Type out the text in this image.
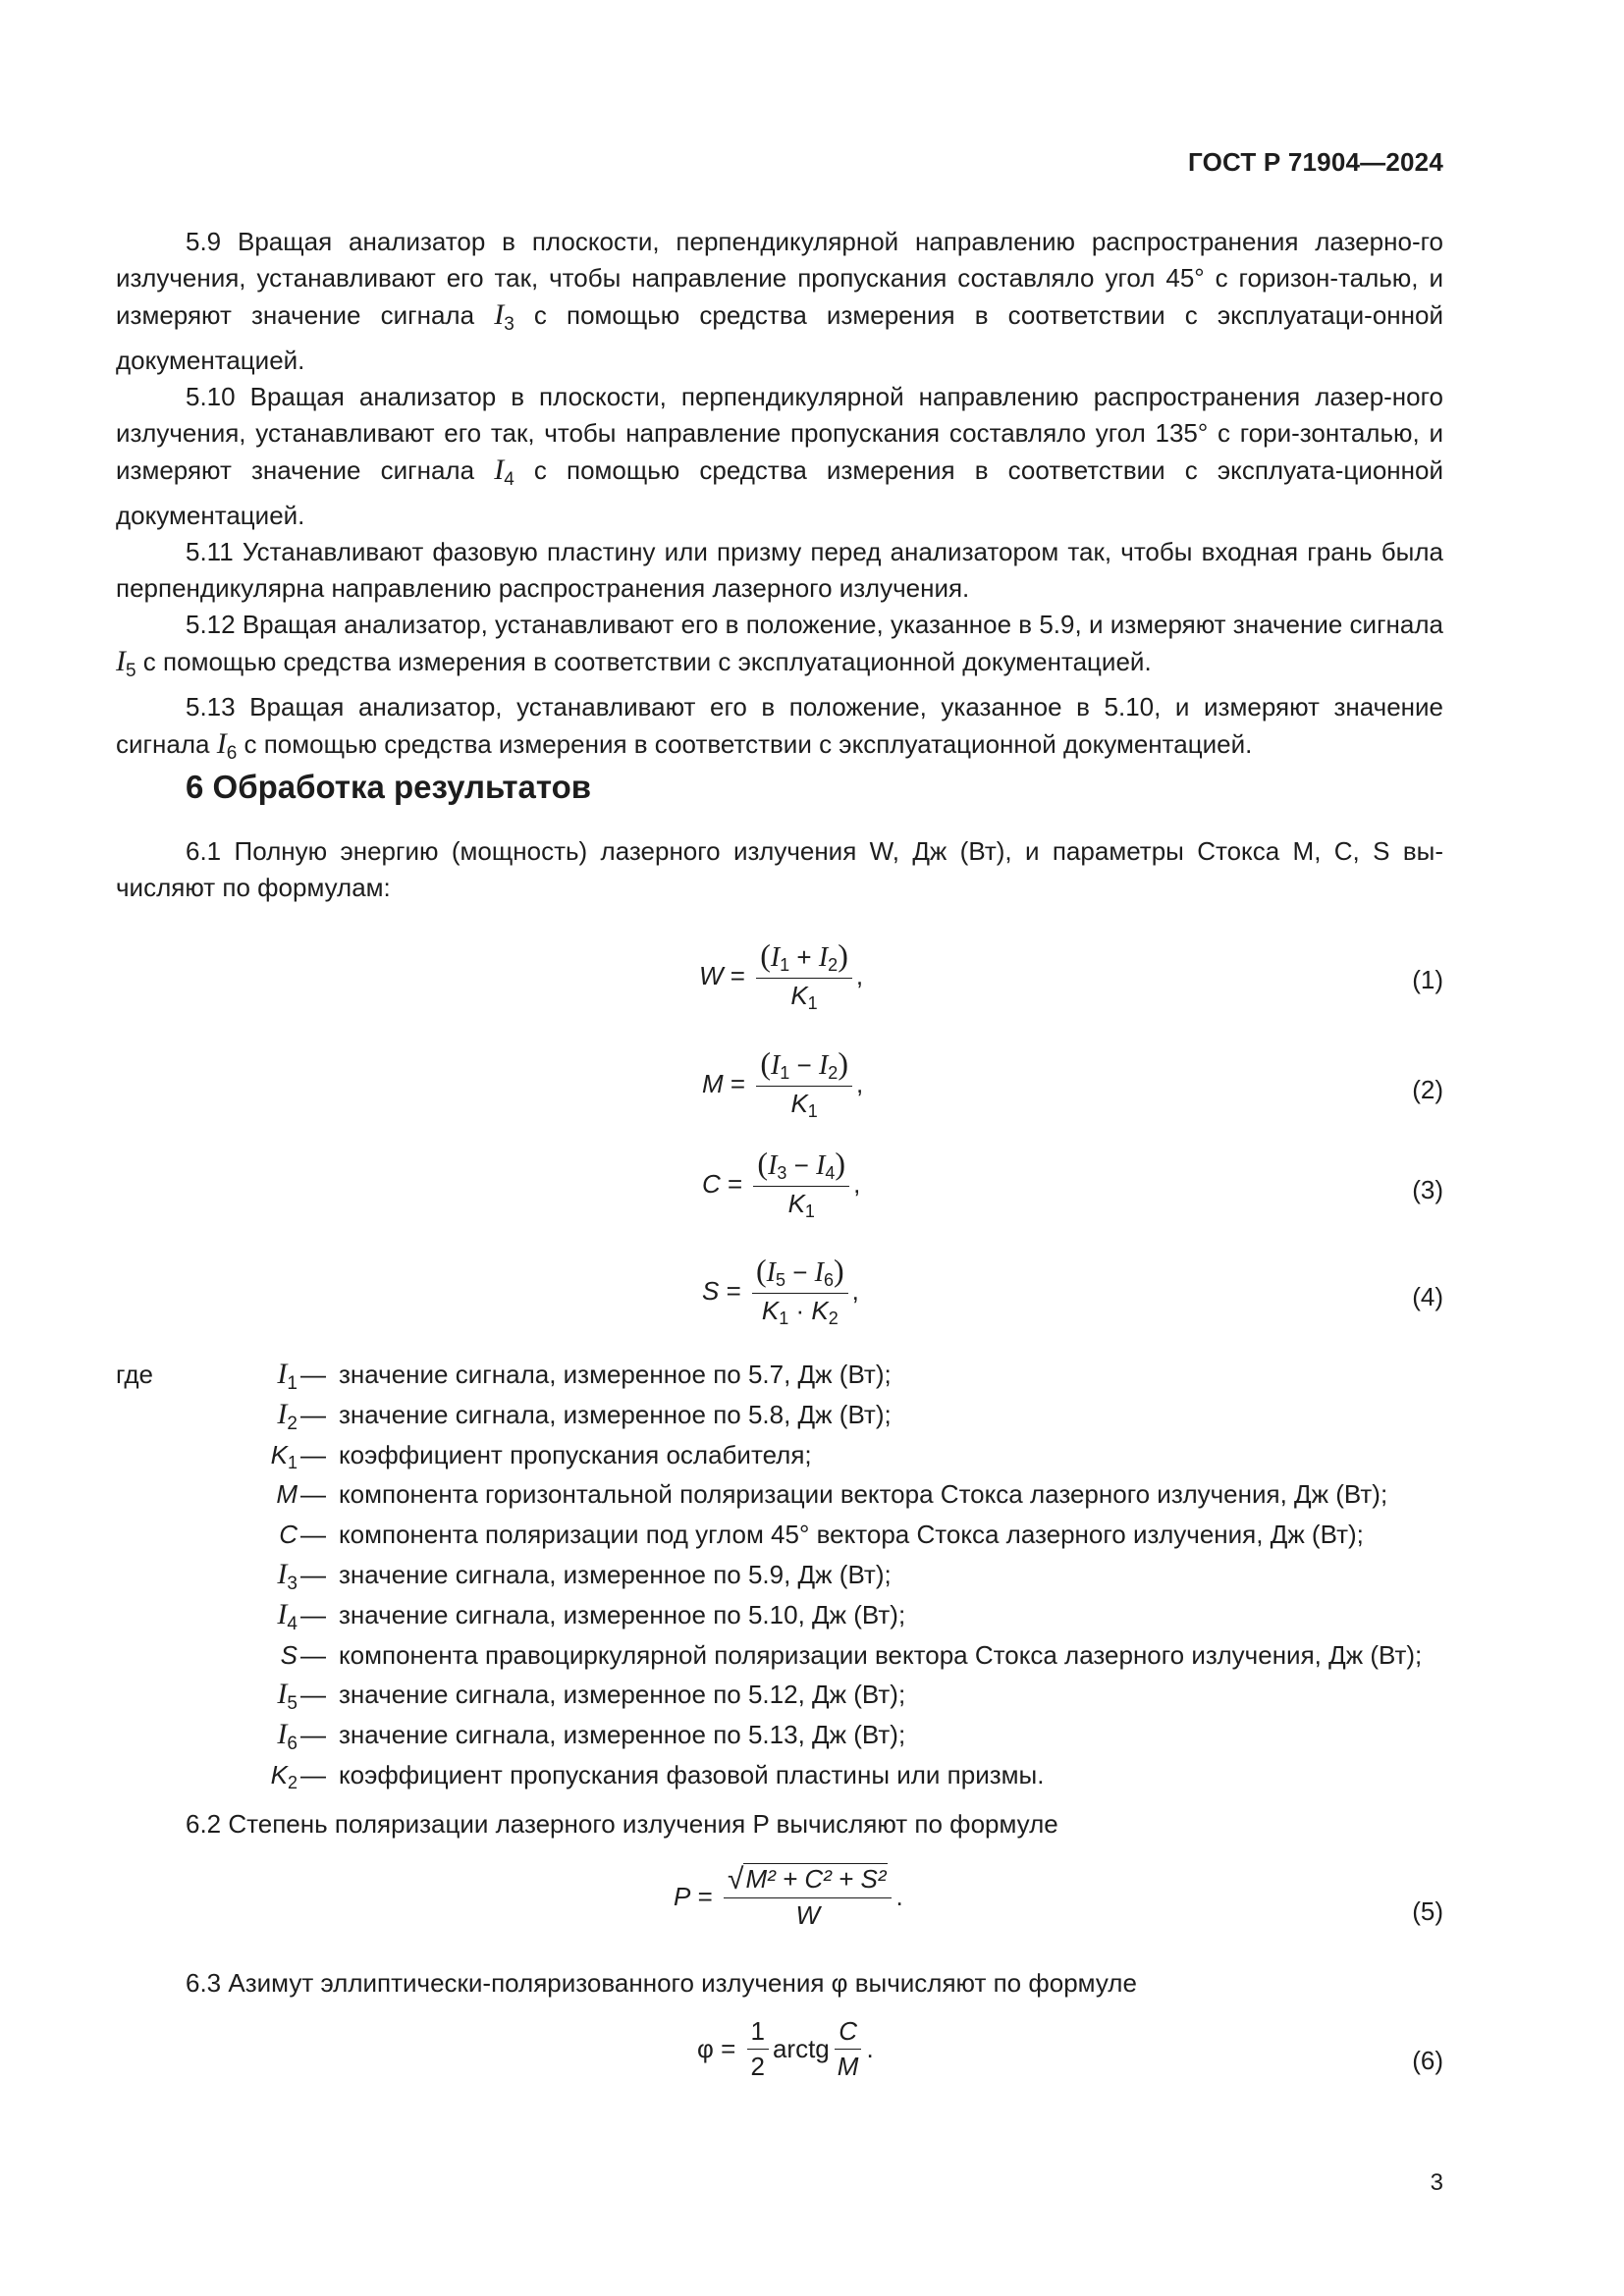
ГОСТ Р 71904—2024

5.9 Вращая анализатор в плоскости, перпендикулярной направлению распространения лазерно-го излучения, устанавливают его так, чтобы направление пропускания составляло угол 45° с горизон-талью, и измеряют значение сигнала $I_3$ с помощью средства измерения в соответствии с эксплуатаци-онной документацией.

5.10 Вращая анализатор в плоскости, перпендикулярной направлению распространения лазер-ного излучения, устанавливают его так, чтобы направление пропускания составляло угол 135° с гори-зонталью, и измеряют значение сигнала $I_4$ с помощью средства измерения в соответствии с эксплуата-ционной документацией.

5.11 Устанавливают фазовую пластину или призму перед анализатором так, чтобы входная грань была перпендикулярна направлению распространения лазерного излучения.

5.12 Вращая анализатор, устанавливают его в положение, указанное в 5.9, и измеряют значение сигнала $I_5$ с помощью средства измерения в соответствии с эксплуатационной документацией.

5.13 Вращая анализатор, устанавливают его в положение, указанное в 5.10, и измеряют значение сигнала $I_6$ с помощью средства измерения в соответствии с эксплуатационной документацией.

6 Обработка результатов

6.1 Полную энергию (мощность) лазерного излучения W, Дж (Вт), и параметры Стокса M, C, S вы-числяют по формулам:

$W = \frac{(I_1 + I_2)}{K_1}$ ,	(1)
$M = \frac{(I_1 - I_2)}{K_1}$ ,	(2)
$C = \frac{(I_3 - I_4)}{K_1}$ ,	(3)
$S = \frac{(I_5 - I_6)}{K_1 \cdot K_2}$ ,	(4)
где	$I_1$ — значение сигнала, измеренное по 5.7, Дж (Вт);
$I_2$ — значение сигнала, измеренное по 5.8, Дж (Вт);
$K_1$ — коэффициент пропускания ослабителя;
M — компонента горизонтальной поляризации вектора Стокса лазерного излучения, Дж (Вт);
C — компонента поляризации под углом 45° вектора Стокса лазерного излучения, Дж (Вт);
$I_3$ — значение сигнала, измеренное по 5.9, Дж (Вт);
$I_4$ — значение сигнала, измеренное по 5.10, Дж (Вт);
S — компонента правоциркулярной поляризации вектора Стокса лазерного излучения, Дж (Вт);
$I_5$ — значение сигнала, измеренное по 5.12, Дж (Вт);
$I_6$ — значение сигнала, измеренное по 5.13, Дж (Вт);
$K_2$ — коэффициент пропускания фазовой пластины или призмы.

6.2 Степень поляризации лазерного излучения P вычисляют по формуле

$P = \frac{\text{√ M² + C² + S²}}{W}$ .	(5)

6.3 Азимут эллиптически-поляризованного излучения φ вычисляют по формуле

$\varphi = \frac{1}{2}$ arctg $\frac{C}{M}$ .	(6)
3
